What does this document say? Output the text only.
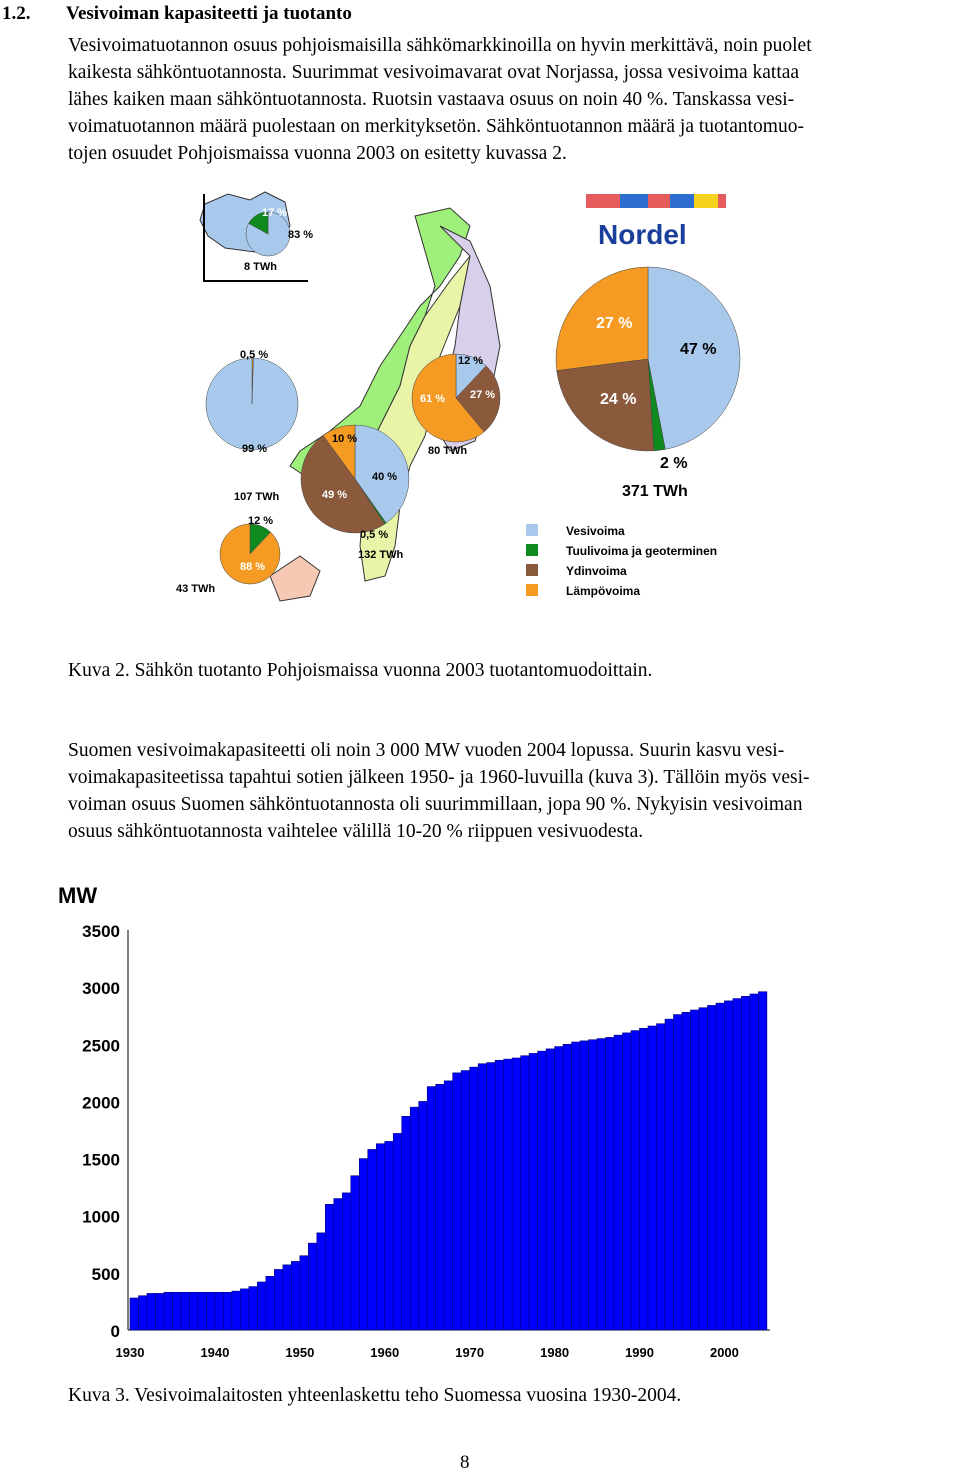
1.2. Vesivoiman kapasiteetti ja tuotanto
Vesivoimatuotannon osuus pohjoismaisilla sähkömarkkinoilla on hyvin merkittävä, noin puolet
kaikesta sähköntuotannosta. Suurimmat vesivoimavarat ovat Norjassa, jossa vesivoima kattaa
lähes kaiken maan sähköntuotannosta. Ruotsin vastaava osuus on noin 40 %. Tanskassa vesi-
voimatuotannon määrä puolestaan on merkityksetön. Sähköntuotannon määrä ja tuotantomuo-
tojen osuudet Pohjoismaissa vuonna 2003 on esitetty kuvassa 2.
Nordel
17 %
83 %
8 TWh
0,5 %
99 %
107 TWh
12 %
61 % 27 %
80 TWh
10 %
40 %
49 %
0,5 %
132 TWh
12 %
88 %
43 TWh
27 %
47 %
24 %
2 %
371 TWh
Vesivoima
Tuulivoima ja geoterminen
Ydinvoima
Lämpövoima
Kuva 2. Sähkön tuotanto Pohjoismaissa vuonna 2003 tuotantomuodoittain.
Suomen vesivoimakapasiteetti oli noin 3 000 MW vuoden 2004 lopussa. Suurin kasvu vesi-
voimakapasiteetissa tapahtui sotien jälkeen 1950- ja 1960-luvuilla (kuva 3). Tällöin myös vesi-
voiman osuus Suomen sähköntuotannosta oli suurimmillaan, jopa 90 %. Nykyisin vesivoiman
osuus sähköntuotannosta vaihtelee välillä 10-20 % riippuen vesivuodesta.
MW
0
500
1000
1500
2000
2500
3000
3500
1930	1940	1950	1960	1970	1980	1990	2000
Kuva 3. Vesivoimalaitosten yhteenlaskettu teho Suomessa vuosina 1930-2004.
8
